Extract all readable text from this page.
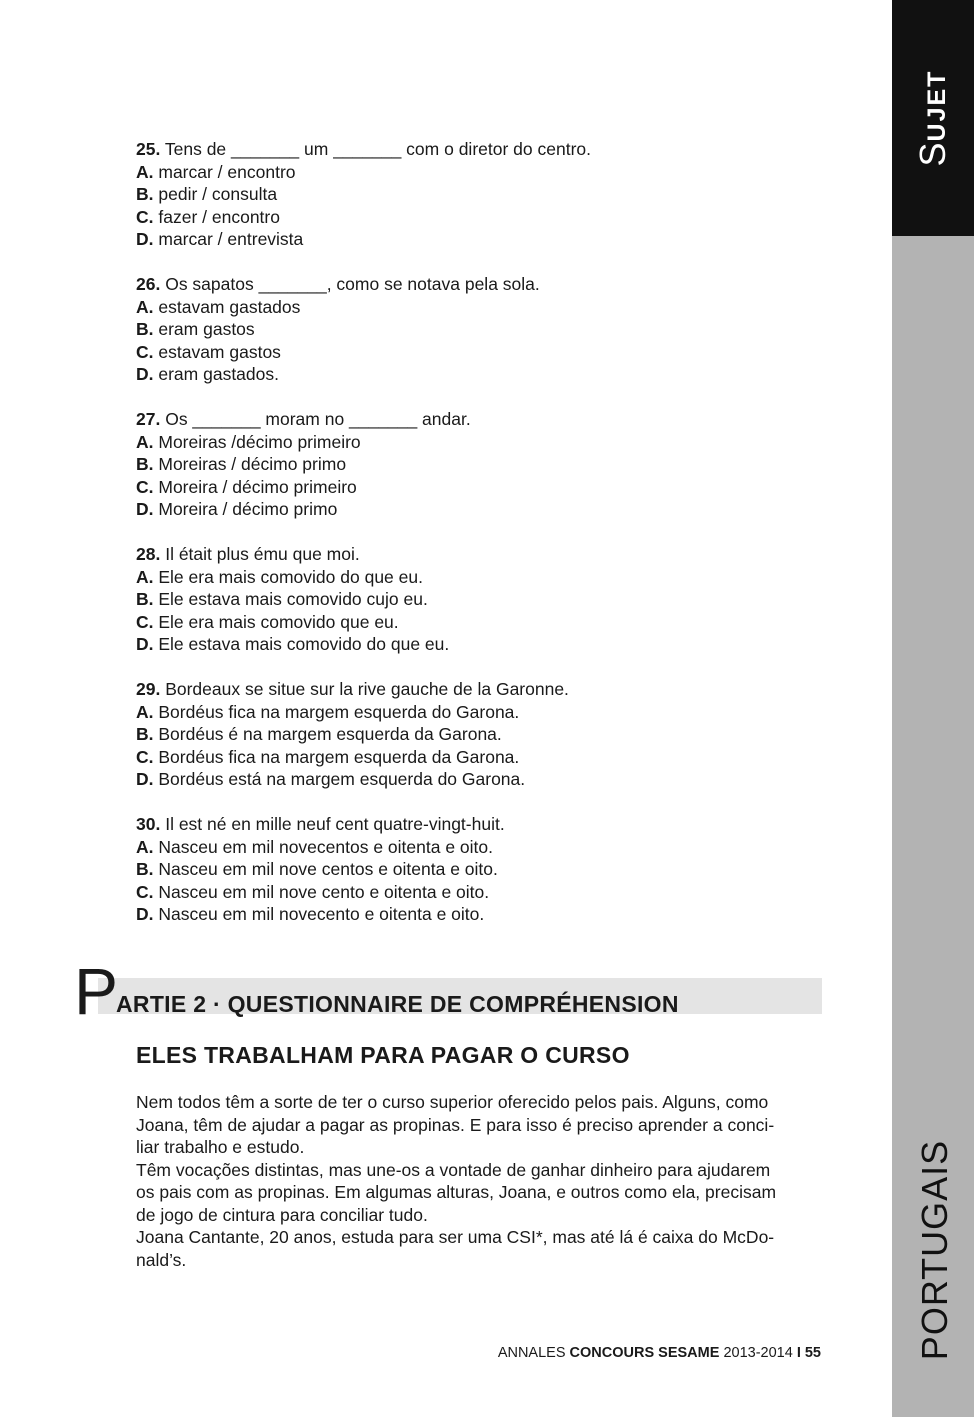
SUJET
PORTUGAIS
25. Tens de _______ um _______ com o diretor do centro.
A. marcar / encontro
B. pedir / consulta
C. fazer / encontro
D. marcar / entrevista
26. Os sapatos _______, como se notava pela sola.
A. estavam gastados
B. eram gastos
C. estavam gastos
D. eram gastados.
27. Os _______ moram no _______ andar.
A. Moreiras /décimo primeiro
B. Moreiras / décimo primo
C. Moreira / décimo primeiro
D. Moreira / décimo primo
28. Il était plus ému que moi.
A. Ele era mais comovido do que eu.
B. Ele estava mais comovido cujo eu.
C. Ele era mais comovido que eu.
D. Ele estava mais comovido do que eu.
29. Bordeaux se situe sur la rive gauche de la Garonne.
A. Bordéus fica na margem esquerda do Garona.
B. Bordéus é na margem esquerda da Garona.
C. Bordéus fica na margem esquerda da Garona.
D. Bordéus está na margem esquerda do Garona.
30. Il est né en mille neuf cent quatre-vingt-huit.
A. Nasceu em mil novecentos e oitenta e oito.
B. Nasceu em mil nove centos e oitenta e oito.
C. Nasceu em mil nove cento e oitenta e oito.
D. Nasceu em mil novecento e oitenta e oito.
P
ARTIE 2 · QUESTIONNAIRE DE COMPRÉHENSION
ELES TRABALHAM PARA PAGAR O CURSO
Nem todos têm a sorte de ter o curso superior oferecido pelos pais. Alguns, como
Joana, têm de ajudar a pagar as propinas. E para isso é preciso aprender a conci-
liar trabalho e estudo.
Têm vocações distintas, mas une-os a vontade de ganhar dinheiro para ajudarem
os pais com as propinas. Em algumas alturas, Joana, e outros como ela, precisam
de jogo de cintura para conciliar tudo.
Joana Cantante, 20 anos, estuda para ser uma CSI*, mas até lá é caixa do McDo-
nald’s.
ANNALES CONCOURS SESAME 2013-2014 I 55
